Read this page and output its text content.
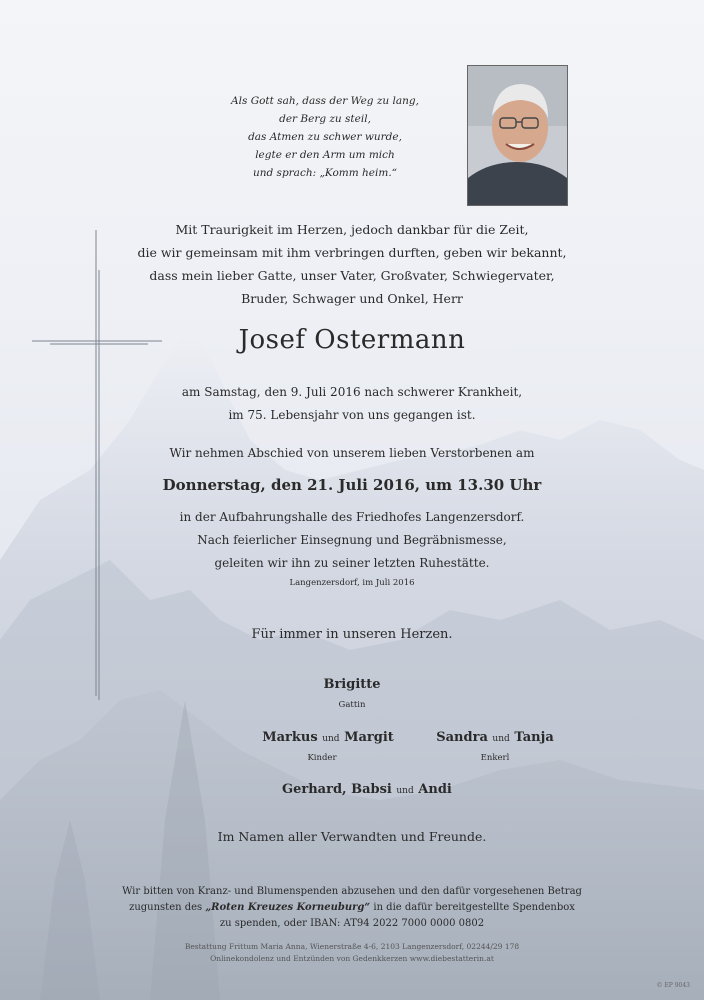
Als Gott sah, dass der Weg zu lang,
der Berg zu steil,
das Atmen zu schwer wurde,
legte er den Arm um mich
und sprach: „Komm heim.“
Mit Traurigkeit im Herzen, jedoch dankbar für die Zeit,
die wir gemeinsam mit ihm verbringen durften, geben wir bekannt,
dass mein lieber Gatte, unser Vater, Großvater, Schwiegervater,
Bruder, Schwager und Onkel, Herr
Josef Ostermann
am Samstag, den 9. Juli 2016 nach schwerer Krankheit,
im 75. Lebensjahr von uns gegangen ist.
Wir nehmen Abschied von unserem lieben Verstorbenen am
Donnerstag, den 21. Juli 2016, um 13.30 Uhr
in der Aufbahrungshalle des Friedhofes Langenzersdorf.
Nach feierlicher Einsegnung und Begräbnismesse,
geleiten wir ihn zu seiner letzten Ruhestätte.
Langenzersdorf, im Juli 2016
Für immer in unseren Herzen.
Brigitte
Gattin
Markus und Margit
Kinder
Sandra und Tanja
Enkerl
Gerhard, Babsi und Andi
Im Namen aller Verwandten und Freunde.
Wir bitten von Kranz- und Blumenspenden abzusehen und den dafür vorgesehenen Betrag
zugunsten des „Roten Kreuzes Korneuburg“ in die dafür bereitgestellte Spendenbox
zu spenden, oder IBAN: AT94 2022 7000 0000 0802
Bestattung Frittum Maria Anna, Wienerstraße 4-6, 2103 Langenzersdorf, 02244/29 178
Onlinekondolenz und Entzünden von Gedenkkerzen www.diebestatterin.at
© EP 9043
